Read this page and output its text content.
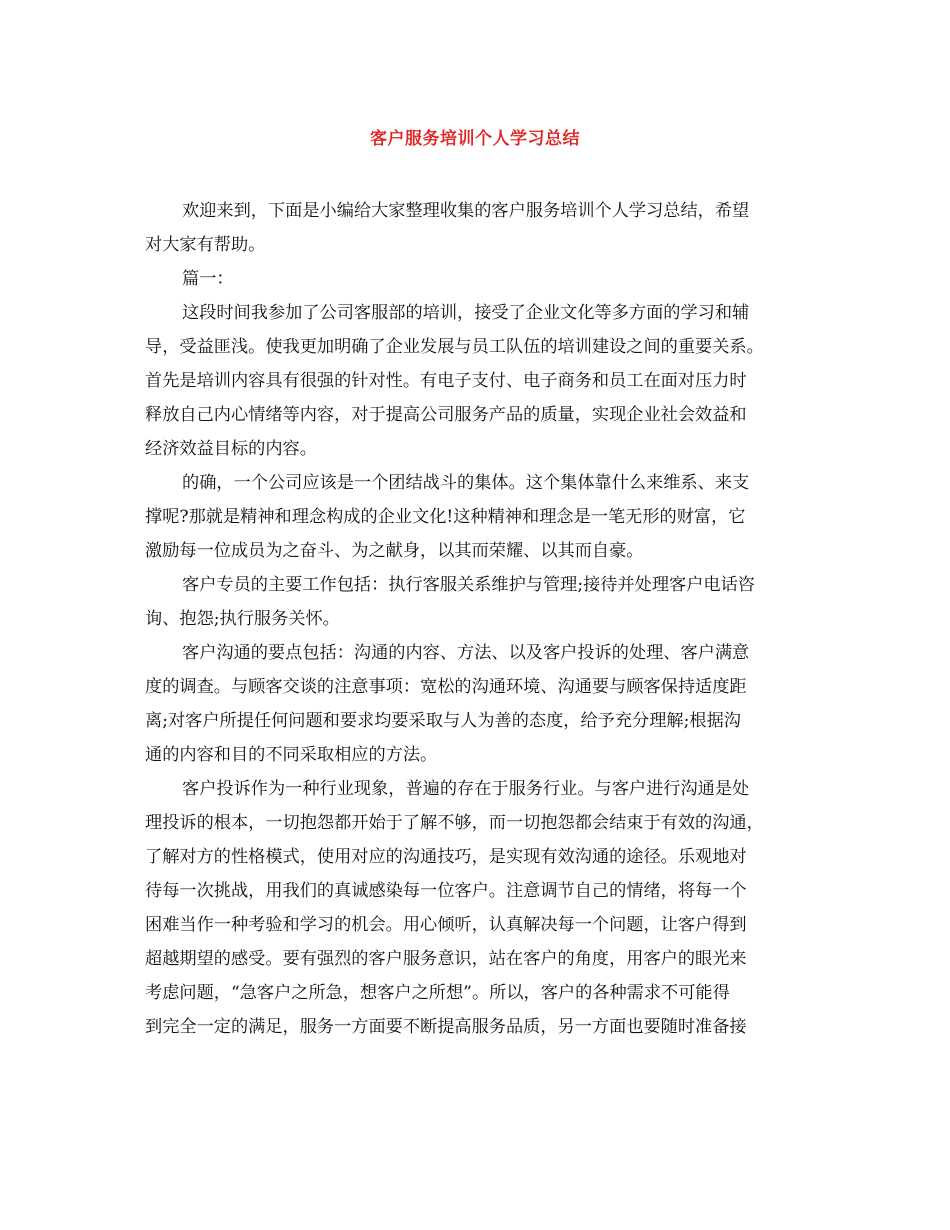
客户服务培训个人学习总结
欢迎来到，下面是小编给大家整理收集的客户服务培训个人学习总结，希望
对大家有帮助。
篇一：
这段时间我参加了公司客服部的培训，接受了企业文化等多方面的学习和辅
导，受益匪浅。使我更加明确了企业发展与员工队伍的培训建设之间的重要关系。
首先是培训内容具有很强的针对性。有电子支付、电子商务和员工在面对压力时
释放自己内心情绪等内容，对于提高公司服务产品的质量，实现企业社会效益和
经济效益目标的内容。
的确，一个公司应该是一个团结战斗的集体。这个集体靠什么来维系、来支
撑呢?那就是精神和理念构成的企业文化!这种精神和理念是一笔无形的财富，它
激励每一位成员为之奋斗、为之献身，以其而荣耀、以其而自豪。
客户专员的主要工作包括：执行客服关系维护与管理;接待并处理客户电话咨
询、抱怨;执行服务关怀。
客户沟通的要点包括：沟通的内容、方法、以及客户投诉的处理、客户满意
度的调查。与顾客交谈的注意事项：宽松的沟通环境、沟通要与顾客保持适度距
离;对客户所提任何问题和要求均要采取与人为善的态度，给予充分理解;根据沟
通的内容和目的不同采取相应的方法。
客户投诉作为一种行业现象，普遍的存在于服务行业。与客户进行沟通是处
理投诉的根本，一切抱怨都开始于了解不够，而一切抱怨都会结束于有效的沟通，
了解对方的性格模式，使用对应的沟通技巧，是实现有效沟通的途径。乐观地对
待每一次挑战，用我们的真诚感染每一位客户。注意调节自己的情绪，将每一个
困难当作一种考验和学习的机会。用心倾听，认真解决每一个问题，让客户得到
超越期望的感受。要有强烈的客户服务意识，站在客户的角度，用客户的眼光来
考虑问题，“急客户之所急，想客户之所想”。所以，客户的各种需求不可能得
到完全一定的满足，服务一方面要不断提高服务品质，另一方面也要随时准备接
